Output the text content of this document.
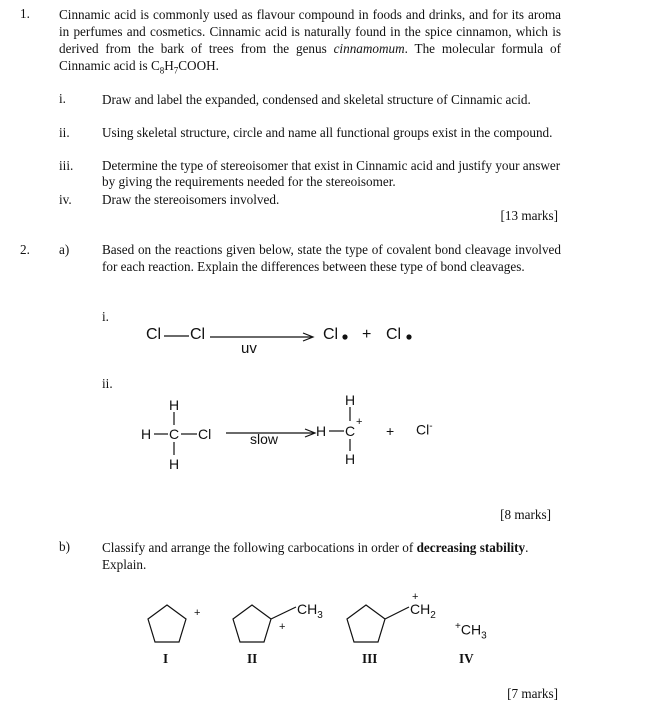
1. Cinnamic acid is commonly used as flavour compound in foods and drinks, and for its aroma in perfumes and cosmetics. Cinnamic acid is naturally found in the spice cinnamon, which is derived from the bark of trees from the genus cinnamomum. The molecular formula of Cinnamic acid is $C_8H_7COOH$.
i.	Draw and label the expanded, condensed and skeletal structure of Cinnamic acid.
ii. Using skeletal structure, circle and name all functional groups exist in the compound.
iii. Determine the type of stereoisomer that exist in Cinnamic acid and justify your answer by giving the requirements needed for the stereoisomer.
iv. Draw the stereoisomers involved.
[13 marks]
2. a) Based on the reactions given below, state the type of covalent bond cleavage involved for each reaction. Explain the differences between these type of bond cleavages.
i.
Cl Cl
uv
Cl + Cl
ii.
H
H C Cl
H
slow
H
H C
+
H
+ Cl-
[8 marks]
b) Classify and arrange the following carbocations in order of decreasing stability. Explain.
+
+
$CH_3$
+
$CH_2$
$^+CH_3$
I	II	III	IV
[7 marks]
